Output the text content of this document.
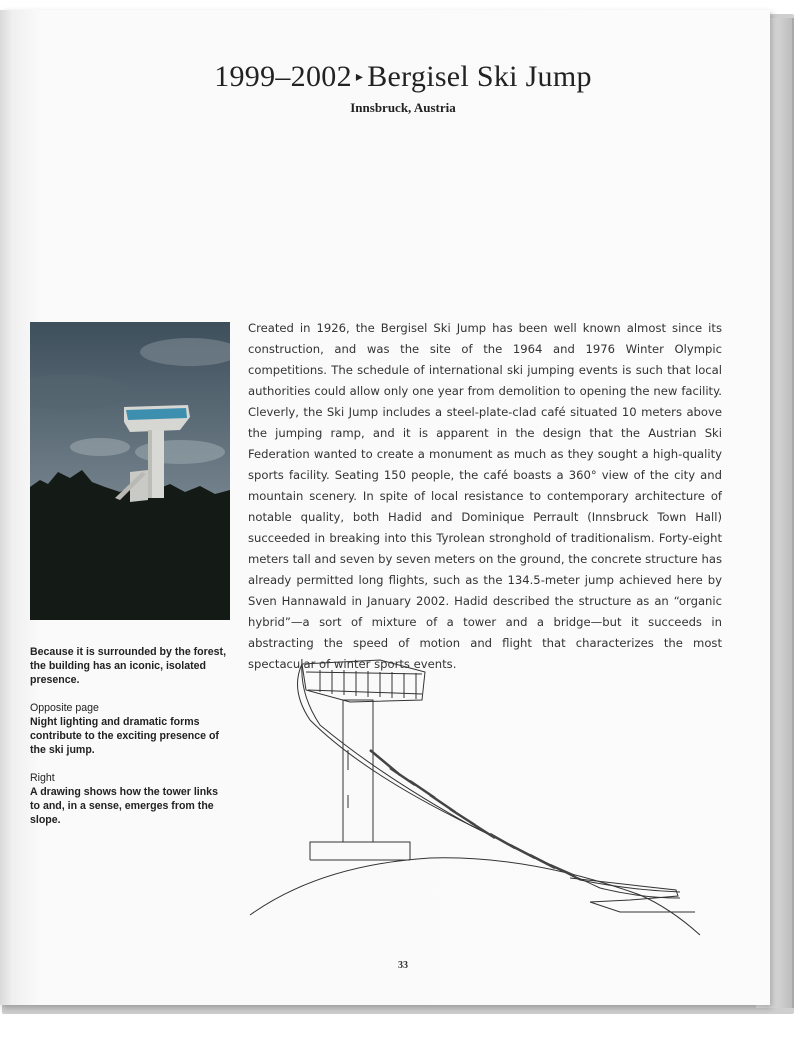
1999–2002 ▸ Bergisel Ski Jump
Innsbruck, Austria

Created in 1926, the Bergisel Ski Jump has been well known almost since its construction, and was the site of the 1964 and 1976 Winter Olympic competitions. The schedule of international ski jumping events is such that local authorities could allow only one year from demolition to opening the new facility. Cleverly, the Ski Jump includes a steel-plate-clad café situated 10 meters above the jumping ramp, and it is apparent in the design that the Austrian Ski Federation wanted to create a monument as much as they sought a high-quality sports facility. Seating 150 people, the café boasts a 360° view of the city and mountain scenery. In spite of local resistance to contemporary architecture of notable quality, both Hadid and Dominique Perrault (Innsbruck Town Hall) succeeded in breaking into this Tyrolean stronghold of traditionalism. Forty-eight meters tall and seven by seven meters on the ground, the concrete structure has already permitted long flights, such as the 134.5-meter jump achieved here by Sven Hannawald in January 2002. Hadid described the structure as an “organic hybrid”—a sort of mixture of a tower and a bridge—but it succeeds in abstracting the speed of motion and flight that characterizes the most spectacular of winter sports events.

Because it is surrounded by the forest, the building has an iconic, isolated presence.

Opposite page

Night lighting and dramatic forms contribute to the exciting presence of the ski jump.

Right

A drawing shows how the tower links to and, in a sense, emerges from the slope.

33
